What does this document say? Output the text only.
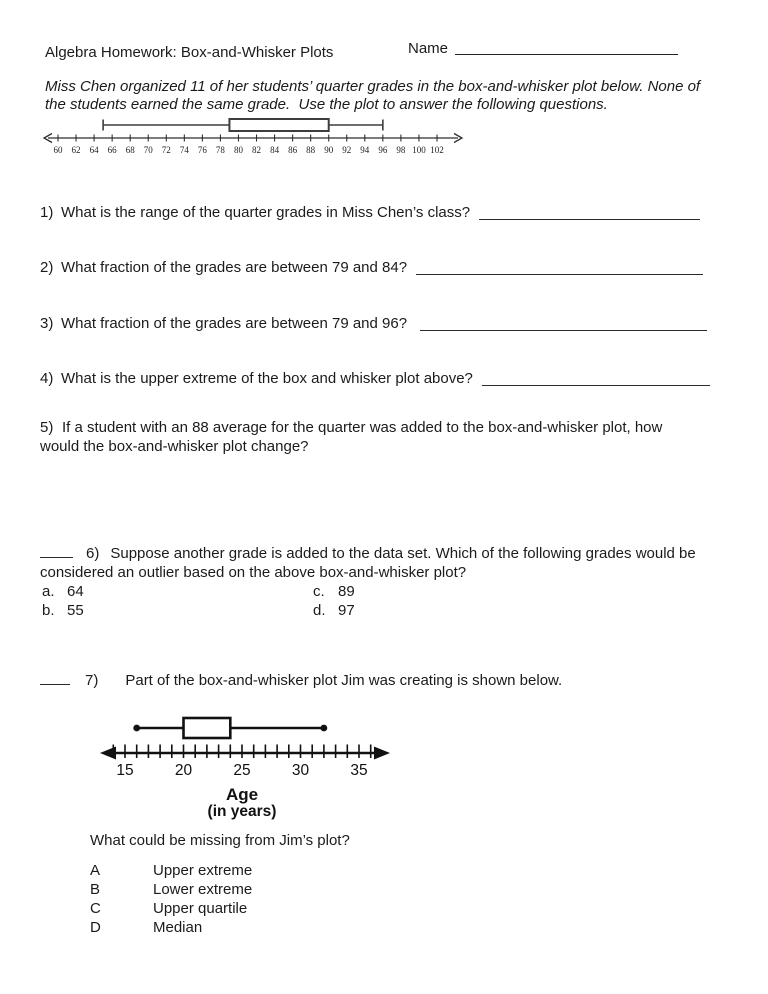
Algebra Homework: Box-and-Whisker Plots	Name
Miss Chen organized 11 of her students’ quarter grades in the box-and-whisker plot below. None of
the students earned the same grade.  Use the plot to answer the following questions.
60 62 64 66 68 70 72 74 76 78 80 82 84 86 88 90 92 94 96 98 100 102
1) What is the range of the quarter grades in Miss Chen’s class?
2) What fraction of the grades are between 79 and 84?
3) What fraction of the grades are between 79 and 96?
4) What is the upper extreme of the box and whisker plot above?
5) If a student with an 88 average for the quarter was added to the box-and-whisker plot, how
would the box-and-whisker plot change?
6) Suppose another grade is added to the data set. Which of the following grades would be
considered an outlier based on the above box-and-whisker plot?
a. 64	c. 89
b. 55	d. 97
7) Part of the box-and-whisker plot Jim was creating is shown below.
15	20	25	30	35
Age
(in years)
What could be missing from Jim’s plot?
A	Upper extreme
B	Lower extreme
C	Upper quartile
D	Median
